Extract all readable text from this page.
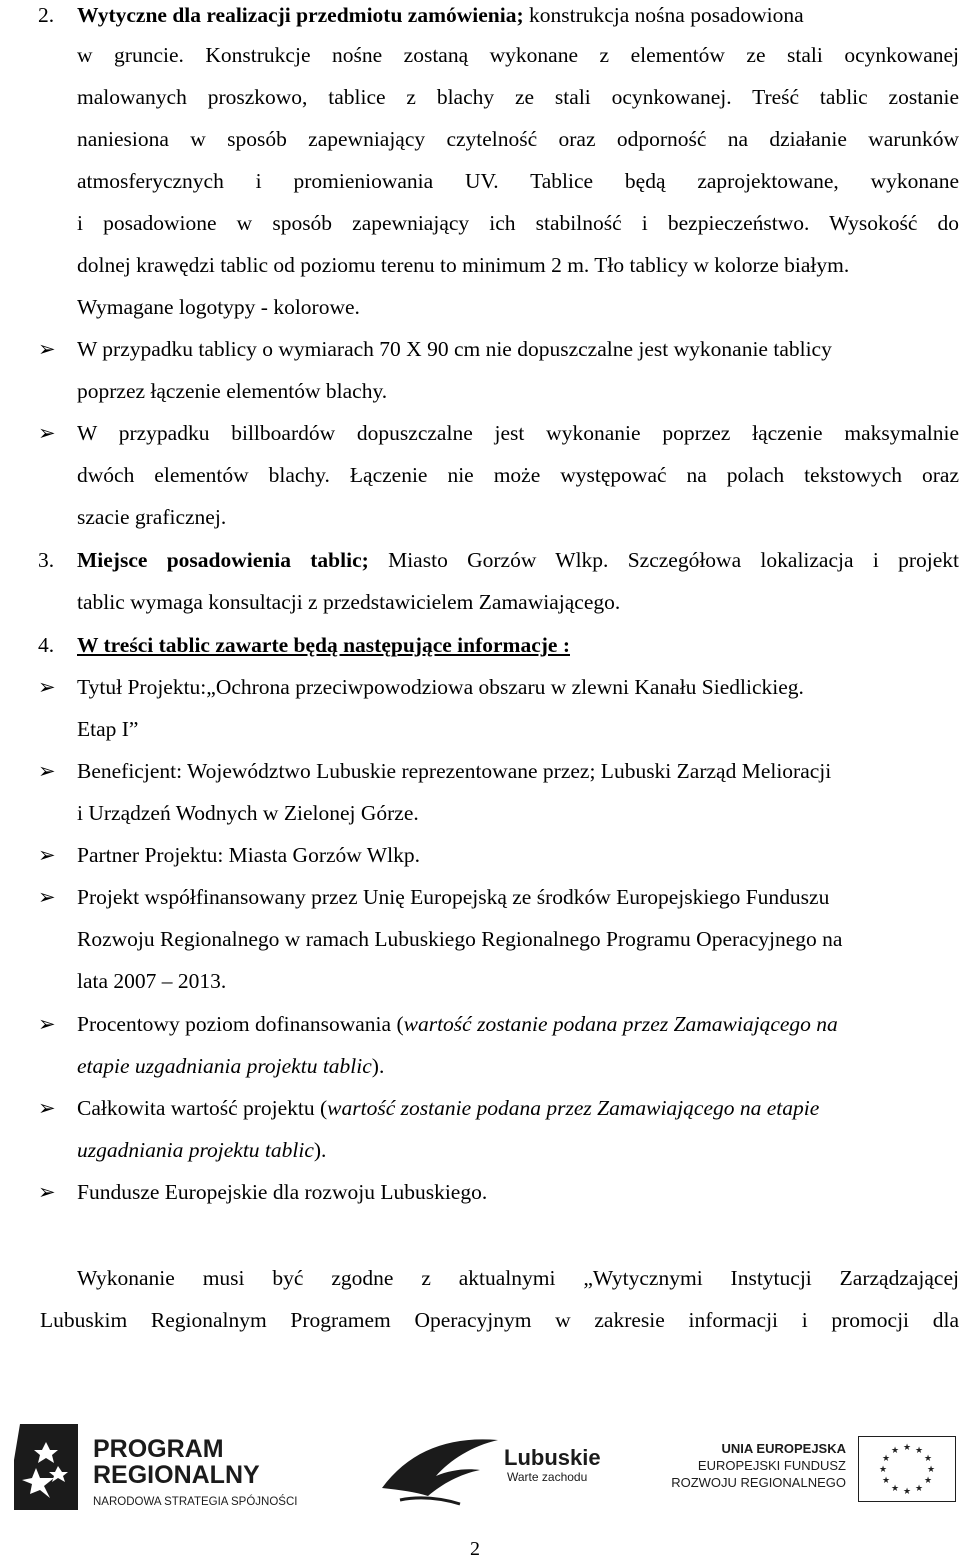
2. Wytyczne dla realizacji przedmiotu zamówienia; konstrukcja nośna posadowiona
w gruncie. Konstrukcje nośne zostaną wykonane z elementów ze stali ocynkowanej
malowanych proszkowo, tablice z blachy ze stali ocynkowanej. Treść tablic zostanie
naniesiona w sposób zapewniający czytelność oraz odporność na działanie warunków
atmosferycznych i promieniowania UV. Tablice będą zaprojektowane, wykonane
i posadowione w sposób zapewniający ich stabilność i bezpieczeństwo. Wysokość do
dolnej krawędzi tablic od poziomu terenu to minimum 2 m. Tło tablicy w kolorze białym.
Wymagane logotypy - kolorowe.
➢ W przypadku tablicy o wymiarach 70 X 90 cm nie dopuszczalne jest wykonanie tablicy
poprzez łączenie elementów blachy.
➢ W przypadku billboardów dopuszczalne jest wykonanie poprzez łączenie maksymalnie
dwóch elementów blachy. Łączenie nie może występować na polach tekstowych oraz
szacie graficznej.
3. Miejsce posadowienia tablic; Miasto Gorzów Wlkp. Szczegółowa lokalizacja i projekt
tablic wymaga konsultacji z przedstawicielem Zamawiającego.
4. W treści tablic zawarte będą następujące informacje :
➢ Tytuł Projektu:„Ochrona przeciwpowodziowa obszaru w zlewni Kanału Siedlickieg.
Etap I”
➢ Beneficjent: Województwo Lubuskie reprezentowane przez; Lubuski Zarząd Melioracji
i Urządzeń Wodnych w Zielonej Górze.
➢ Partner Projektu: Miasta Gorzów Wlkp.
➢ Projekt współfinansowany przez Unię Europejską ze środków Europejskiego Funduszu
Rozwoju Regionalnego w ramach Lubuskiego Regionalnego Programu Operacyjnego na
lata 2007 – 2013.
➢ Procentowy poziom dofinansowania (wartość zostanie podana przez Zamawiającego na
etapie uzgadniania projektu tablic).
➢ Całkowita wartość projektu (wartość zostanie podana przez Zamawiającego na etapie
uzgadniania projektu tablic).
➢ Fundusze Europejskie dla rozwoju Lubuskiego.
Wykonanie musi być zgodne z aktualnymi „Wytycznymi Instytucji Zarządzającej
Lubuskim Regionalnym Programem Operacyjnym w zakresie informacji i promocji dla
PROGRAM
REGIONALNY
NARODOWA STRATEGIA SPÓJNOŚCI
Lubuskie
Warte zachodu
UNIA EUROPEJSKA
EUROPEJSKI FUNDUSZ
ROZWOJU REGIONALNEGO
★ ★
★
★
★
★
★
★
★
★
★
★
2
